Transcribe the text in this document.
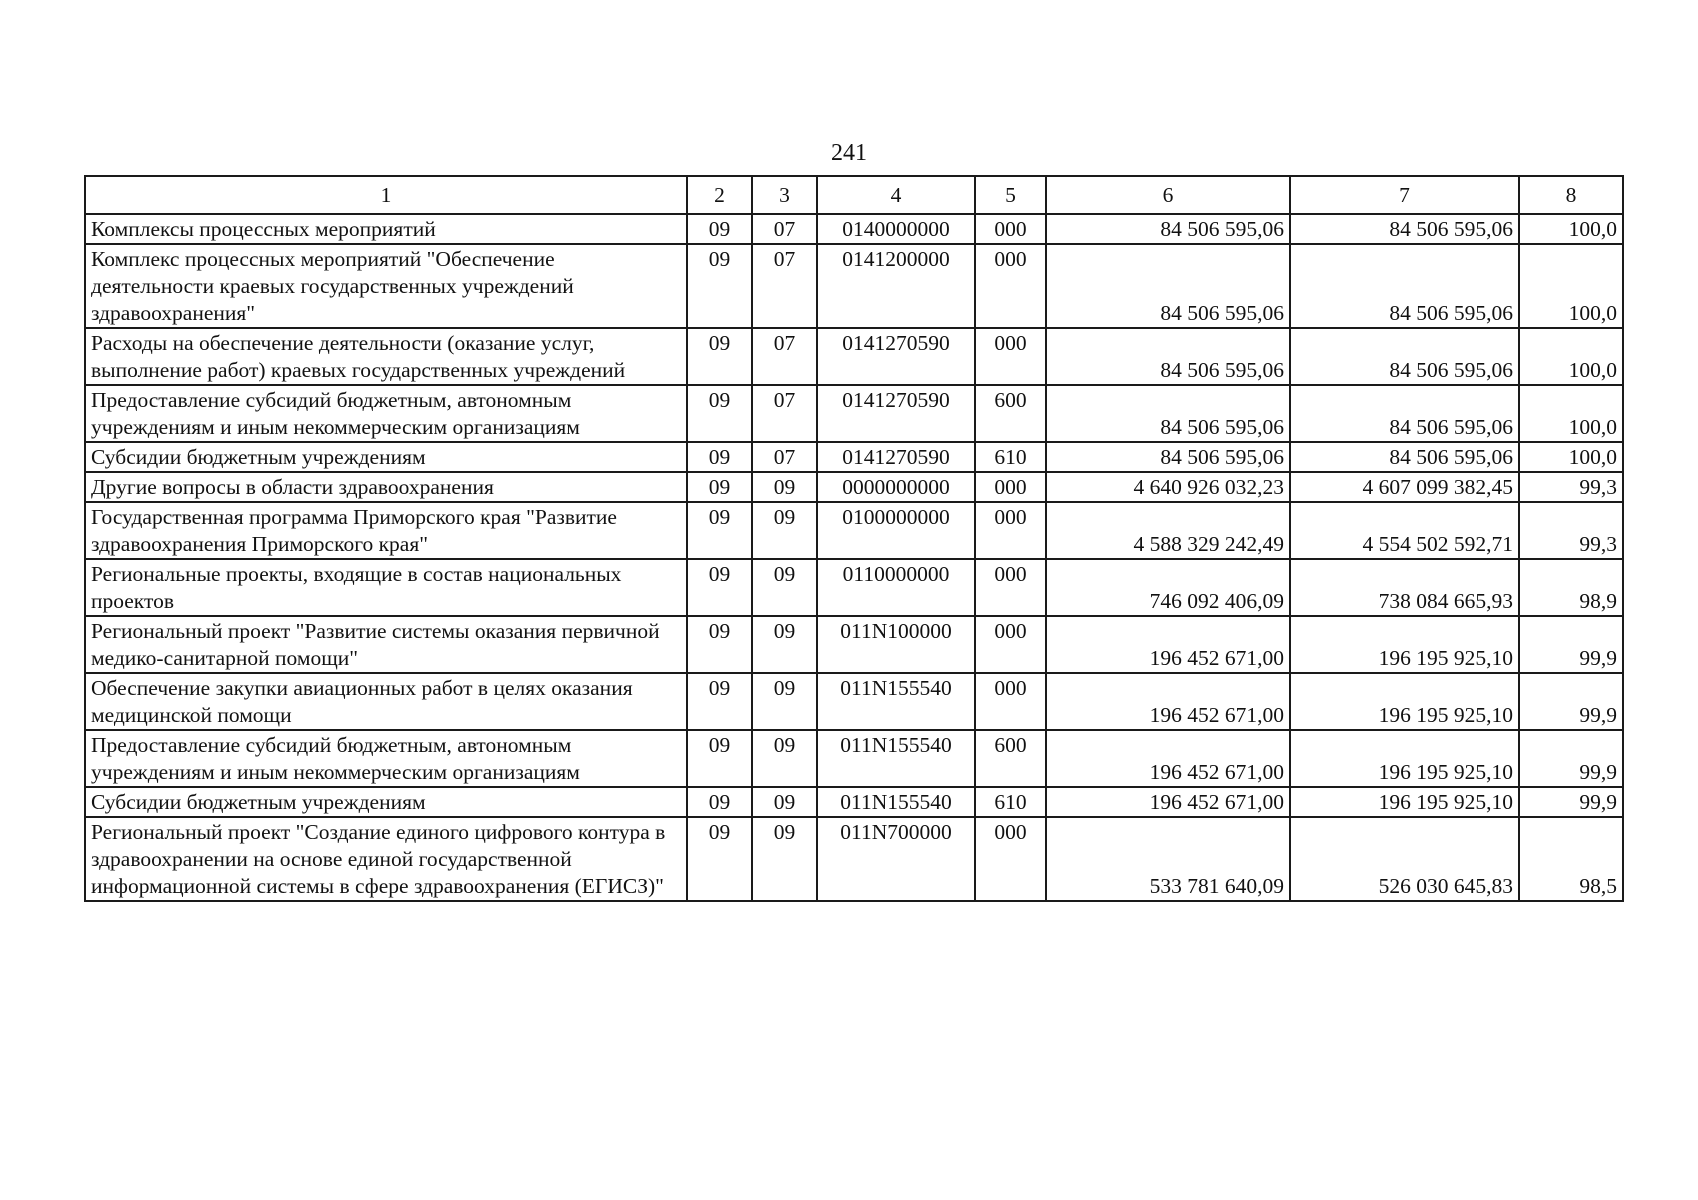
241
1	2	3	4	5	6	7	8
Комплексы процессных мероприятий	09	07	0140000000	000	84 506 595,06	84 506 595,06	100,0
Комплекс процессных мероприятий "Обеспечение деятельности краевых государственных учреждений здравоохранения"	09	07	0141200000	000	84 506 595,06	84 506 595,06	100,0
Расходы на обеспечение деятельности (оказание услуг, выполнение работ) краевых государственных учреждений	09	07	0141270590	000	84 506 595,06	84 506 595,06	100,0
Предоставление субсидий бюджетным, автономным учреждениям и иным некоммерческим организациям	09	07	0141270590	600	84 506 595,06	84 506 595,06	100,0
Субсидии бюджетным учреждениям	09	07	0141270590	610	84 506 595,06	84 506 595,06	100,0
Другие вопросы в области здравоохранения	09	09	0000000000	000	4 640 926 032,23	4 607 099 382,45	99,3
Государственная программа Приморского края "Развитие здравоохранения Приморского края"	09	09	0100000000	000	4 588 329 242,49	4 554 502 592,71	99,3
Региональные проекты, входящие в состав национальных проектов	09	09	0110000000	000	746 092 406,09	738 084 665,93	98,9
Региональный проект "Развитие системы оказания первичной медико-санитарной помощи"	09	09	011N100000	000	196 452 671,00	196 195 925,10	99,9
Обеспечение закупки авиационных работ в целях оказания медицинской помощи	09	09	011N155540	000	196 452 671,00	196 195 925,10	99,9
Предоставление субсидий бюджетным, автономным учреждениям и иным некоммерческим организациям	09	09	011N155540	600	196 452 671,00	196 195 925,10	99,9
Субсидии бюджетным учреждениям	09	09	011N155540	610	196 452 671,00	196 195 925,10	99,9
Региональный проект "Создание единого цифрового контура в здравоохранении на основе единой государственной информационной системы в сфере здравоохранения (ЕГИСЗ)"	09	09	011N700000	000	533 781 640,09	526 030 645,83	98,5
